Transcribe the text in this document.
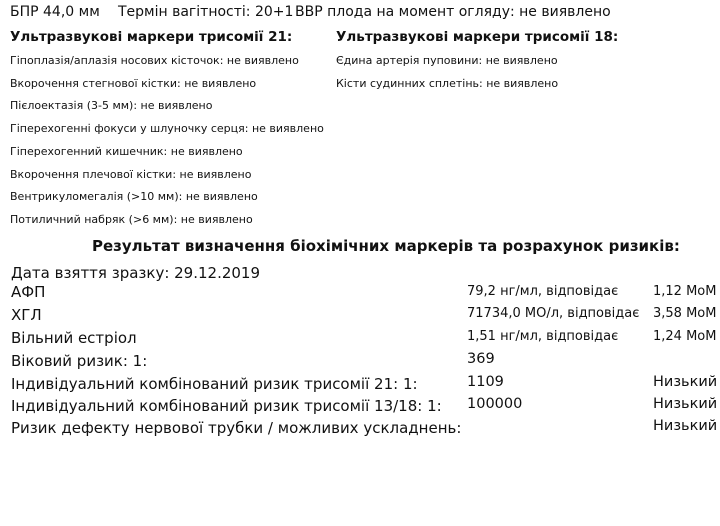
БПР 44,0 мм Термін вагітності: 20+1 ВВР плода на момент огляду: не виявлено
Ультразвукові маркери трисомії 21:
Гіпоплазія/аплазія носових кісточок: не виявлено
Вкорочення стегнової кістки: не виявлено
Пієлоектазія (3-5 мм): не виявлено
Гіперехогенні фокуси у шлуночку серця: не виявлено
Гіперехогенний кишечник: не виявлено
Вкорочення плечової кістки: не виявлено
Вентрикуломегалія (>10 мм): не виявлено
Потиличний набряк (>6 мм): не виявлено
Ультразвукові маркери трисомії 18:
Єдина артерія пуповини: не виявлено
Кісти судинних сплетінь: не виявлено
Результат визначення біохімічних маркерів та розрахунок ризиків:
Дата взяття зразку: 29.12.2019
АФП	79,2 нг/мл, відповідає	1,12 MoM
ХГЛ	71734,0 МО/л, відповідає 3,58 MoM
Вільний естріол	1,51 нг/мл, відповідає	1,24 MoM
Віковий ризик: 1:	369
Індивідуальний комбінований ризик трисомії 21: 1:	1109	Низький
Індивідуальний комбінований ризик трисомії 13/18: 1: 100000	Низький
Ризик дефекту нервової трубки / можливих ускладнень:	Низький
